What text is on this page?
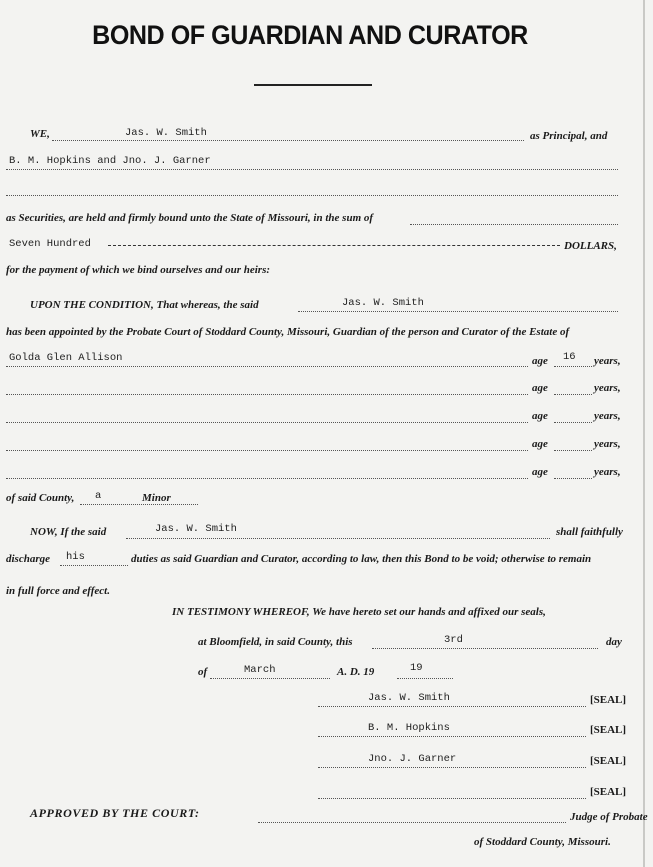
BOND OF GUARDIAN AND CURATOR
WE,	Jas. W. Smith	as Principal, and
B. M. Hopkins and Jno. J. Garner
as Securities, are held and firmly bound unto the State of Missouri, in the sum of
Seven Hundred	DOLLARS,
for the payment of which we bind ourselves and our heirs:
UPON THE CONDITION, That whereas, the said	Jas. W. Smith
has been appointed by the Probate Court of Stoddard County, Missouri, Guardian of the person and Curator of the Estate of
Golda Glen Allison	age 16 years,
age	years,
age	years,
age	years,
age	years,
of said County, a	Minor
NOW, If the said	Jas. W. Smith	shall faithfully
discharge his	duties as said Guardian and Curator, according to law, then this Bond to be void; otherwise to remain
in full force and effect.
IN TESTIMONY WHEREOF, We have hereto set our hands and affixed our seals,
at Bloomfield, in said County, this	3rd	day
of	March	A. D. 19	19
Jas. W. Smith	[SEAL]
B. M. Hopkins	[SEAL]
Jno. J. Garner	[SEAL]
[SEAL]
APPROVED BY THE COURT:	Judge of Probate
of Stoddard County, Missouri.
